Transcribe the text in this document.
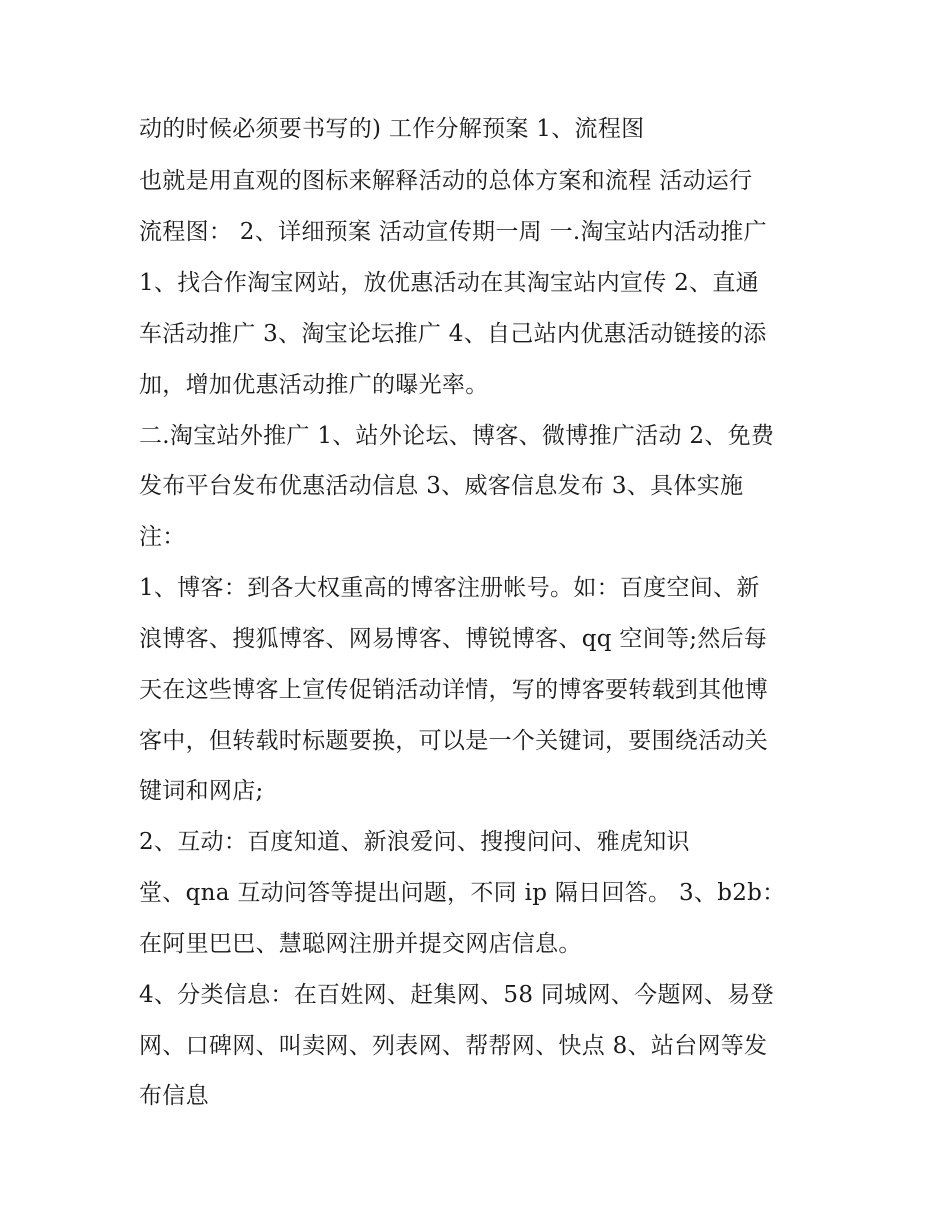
动的时候必须要书写的) 工作分解预案 1、流程图
也就是用直观的图标来解释活动的总体方案和流程 活动运行
流程图： 2、详细预案 活动宣传期一周 一.淘宝站内活动推广
1、找合作淘宝网站，放优惠活动在其淘宝站内宣传 2、直通
车活动推广 3、淘宝论坛推广 4、自己站内优惠活动链接的添
加，增加优惠活动推广的曝光率。
二.淘宝站外推广 1、站外论坛、博客、微博推广活动 2、免费
发布平台发布优惠活动信息 3、威客信息发布 3、具体实施
注：
1、博客：到各大权重高的博客注册帐号。如：百度空间、新
浪博客、搜狐博客、网易博客、博锐博客、qq 空间等;然后每
天在这些博客上宣传促销活动详情，写的博客要转载到其他博
客中，但转载时标题要换，可以是一个关键词，要围绕活动关
键词和网店;
2、互动：百度知道、新浪爱问、搜搜问问、雅虎知识
堂、qna 互动问答等提出问题，不同 ip 隔日回答。 3、b2b：
在阿里巴巴、慧聪网注册并提交网店信息。
4、分类信息：在百姓网、赶集网、58 同城网、今题网、易登
网、口碑网、叫卖网、列表网、帮帮网、快点 8、站台网等发
布信息
